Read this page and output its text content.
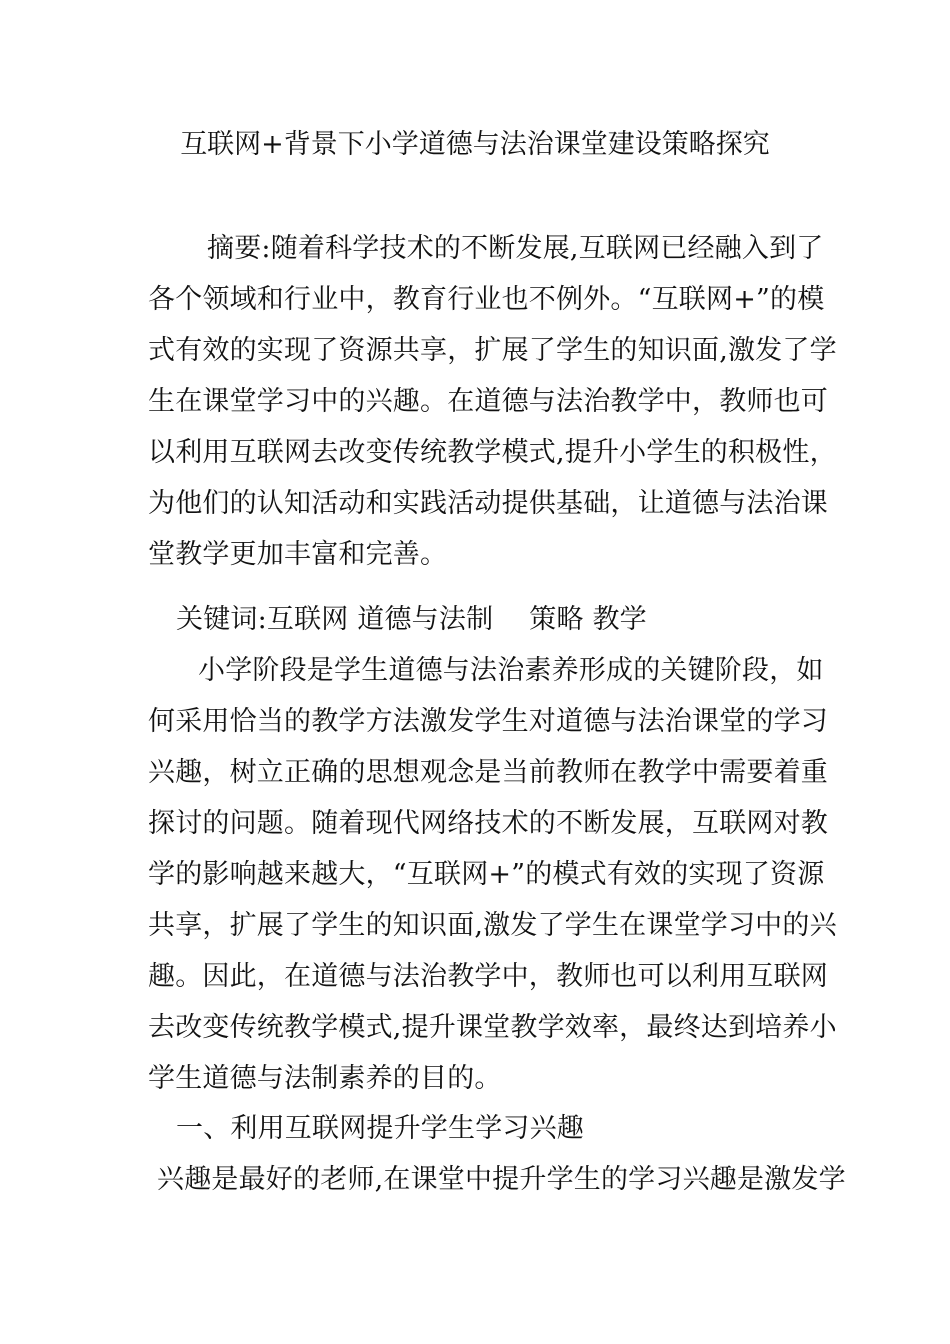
互联网+背景下小学道德与法治课堂建设策略探究
摘要:随着科学技术的不断发展,互联网已经融入到了
各个领域和行业中，教育行业也不例外。“互联网+”的模
式有效的实现了资源共享，扩展了学生的知识面,激发了学
生在课堂学习中的兴趣。在道德与法治教学中，教师也可
以利用互联网去改变传统教学模式,提升小学生的积极性，
为他们的认知活动和实践活动提供基础，让道德与法治课
堂教学更加丰富和完善。
关键词:互联网 道德与法制　 策略 教学
小学阶段是学生道德与法治素养形成的关键阶段，如
何采用恰当的教学方法激发学生对道德与法治课堂的学习
兴趣，树立正确的思想观念是当前教师在教学中需要着重
探讨的问题。随着现代网络技术的不断发展，互联网对教
学的影响越来越大，“互联网+”的模式有效的实现了资源
共享，扩展了学生的知识面,激发了学生在课堂学习中的兴
趣。因此，在道德与法治教学中，教师也可以利用互联网
去改变传统教学模式,提升课堂教学效率，最终达到培养小
学生道德与法制素养的目的。
一、利用互联网提升学生学习兴趣
兴趣是最好的老师,在课堂中提升学生的学习兴趣是激发学
